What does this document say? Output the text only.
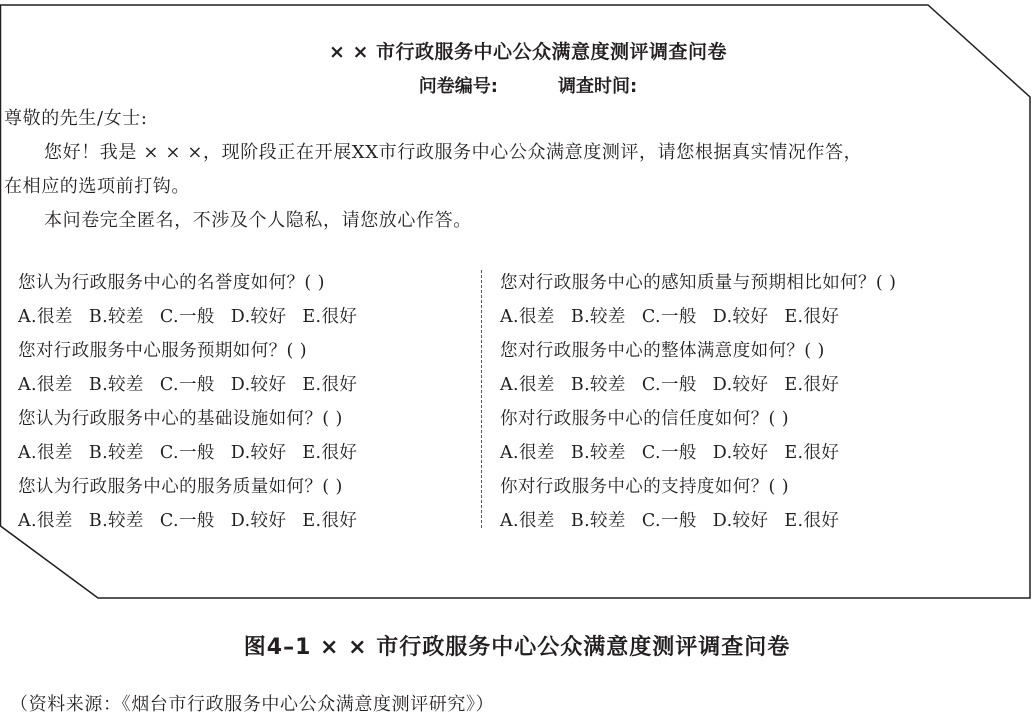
× × 市行政服务中心公众满意度测评调查问卷
问卷编号:	调查时间:
尊敬的先生/女士:
您好！我是 × × ×，现阶段正在开展XX市行政服务中心公众满意度测评，请您根据真实情况作答，
在相应的选项前打钩。
本问卷完全匿名，不涉及个人隐私，请您放心作答。
您认为行政服务中心的名誉度如何？( )
A.很差 B.较差 C.一般 D.较好 E.很好
您对行政服务中心服务预期如何？( )
A.很差 B.较差 C.一般 D.较好 E.很好
您认为行政服务中心的基础设施如何？( )
A.很差 B.较差 C.一般 D.较好 E.很好
您认为行政服务中心的服务质量如何？( )
A.很差 B.较差 C.一般 D.较好 E.很好
您对行政服务中心的感知质量与预期相比如何？( )
A.很差 B.较差 C.一般 D.较好 E.很好
您对行政服务中心的整体满意度如何？( )
A.很差 B.较差 C.一般 D.较好 E.很好
你对行政服务中心的信任度如何？( )
A.很差 B.较差 C.一般 D.较好 E.很好
你对行政服务中心的支持度如何？( )
A.很差 B.较差 C.一般 D.较好 E.很好
图4–1 × × 市行政服务中心公众满意度测评调查问卷
（资料来源：《烟台市行政服务中心公众满意度测评研究》）
